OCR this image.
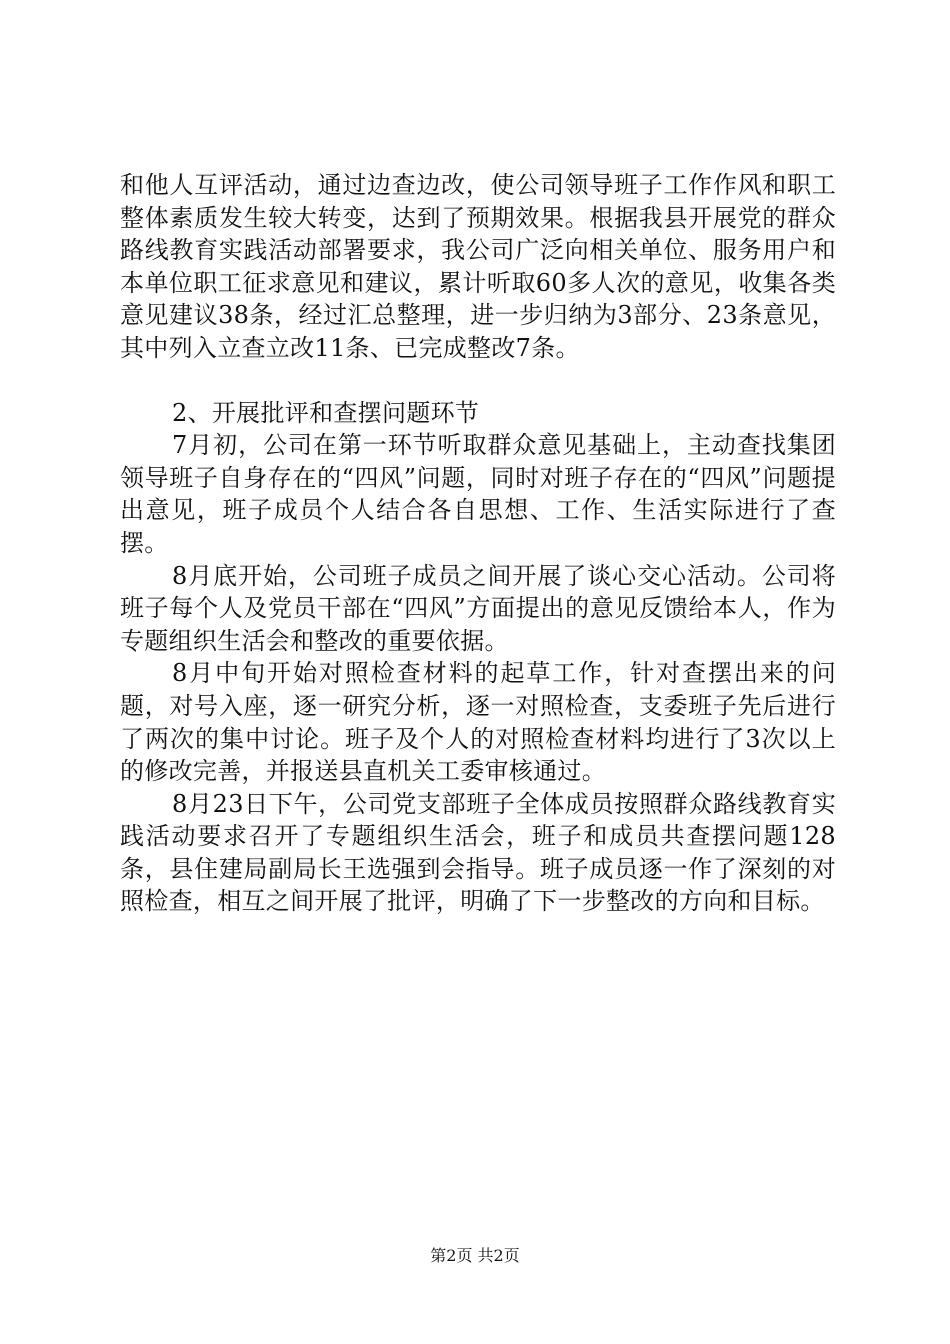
和他人互评活动，通过边查边改，使公司领导班子工作作风和职工整体素质发生较大转变，达到了预期效果。根据我县开展党的群众路线教育实践活动部署要求，我公司广泛向相关单位、服务用户和本单位职工征求意见和建议，累计听取60多人次的意见，收集各类意见建议38条，经过汇总整理，进一步归纳为3部分、23条意见，其中列入立查立改11条、已完成整改7条。

2、开展批评和查摆问题环节

7月初，公司在第一环节听取群众意见基础上，主动查找集团领导班子自身存在的“四风”问题，同时对班子存在的“四风”问题提出意见，班子成员个人结合各自思想、工作、生活实际进行了查摆。

8月底开始，公司班子成员之间开展了谈心交心活动。公司将班子每个人及党员干部在“四风”方面提出的意见反馈给本人，作为专题组织生活会和整改的重要依据。

8月中旬开始对照检查材料的起草工作，针对查摆出来的问题，对号入座，逐一研究分析，逐一对照检查，支委班子先后进行了两次的集中讨论。班子及个人的对照检查材料均进行了3次以上的修改完善，并报送县直机关工委审核通过。

8月23日下午，公司党支部班子全体成员按照群众路线教育实践活动要求召开了专题组织生活会，班子和成员共查摆问题128条，县住建局副局长王选强到会指导。班子成员逐一作了深刻的对照检查，相互之间开展了批评，明确了下一步整改的方向和目标。

第2页 共2页
